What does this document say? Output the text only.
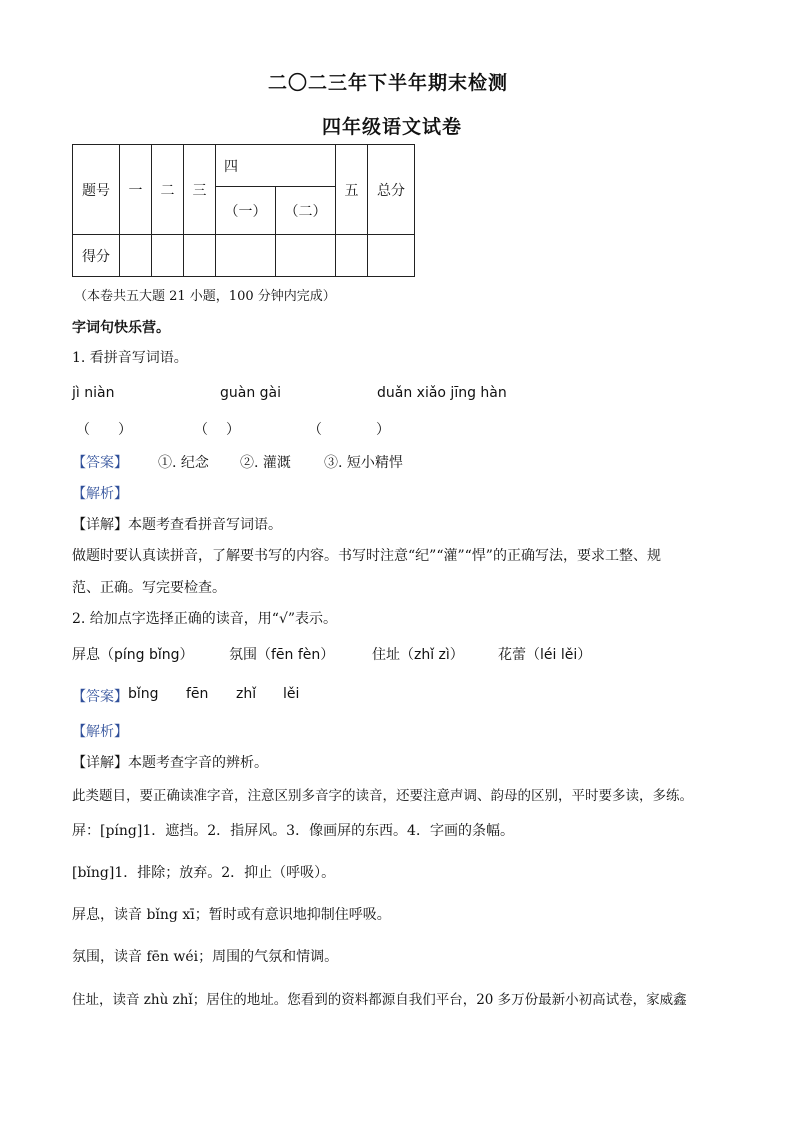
二〇二三年下半年期末检测
四年级语文试卷
题号	一	二	三	四		五	总分
				（一）	（二）		
得分							
（本卷共五大题 21 小题，100 分钟内完成）
字词句快乐营。
1. 看拼音写词语。
jì niàn	guàn gài	duǎn xiǎo jīng hàn
（ ）	（ ）	（	）
【答案】 ①. 纪念 ②. 灌溉 ③. 短小精悍
【解析】
【详解】本题考查看拼音写词语。
做题时要认真读拼音，了解要书写的内容。书写时注意“纪”“灌”“悍”的正确写法，要求工整、规
范、正确。写完要检查。
2. 给加点字选择正确的读音，用“√”表示。
屏息（píng bǐng）	氛围（fēn fèn）	住址（zhǐ zì） 花蕾（léi lěi）
【答案】 bǐng fēn zhǐ lěi
【解析】
【详解】本题考查字音的辨析。
此类题目，要正确读准字音，注意区别多音字的读音，还要注意声调、韵母的区别，平时要多读，多练。
屏：[píng]1．遮挡。2．指屏风。3．像画屏的东西。4．字画的条幅。
[bǐng]1．排除；放弃。2．抑止（呼吸）。
屏息，读音 bǐng xī；暂时或有意识地抑制住呼吸。
氛围，读音 fēn wéi；周围的气氛和情调。
住址，读音 zhù zhǐ；居住的地址。您看到的资料都源自我们平台，20 多万份最新小初高试卷，家威鑫
